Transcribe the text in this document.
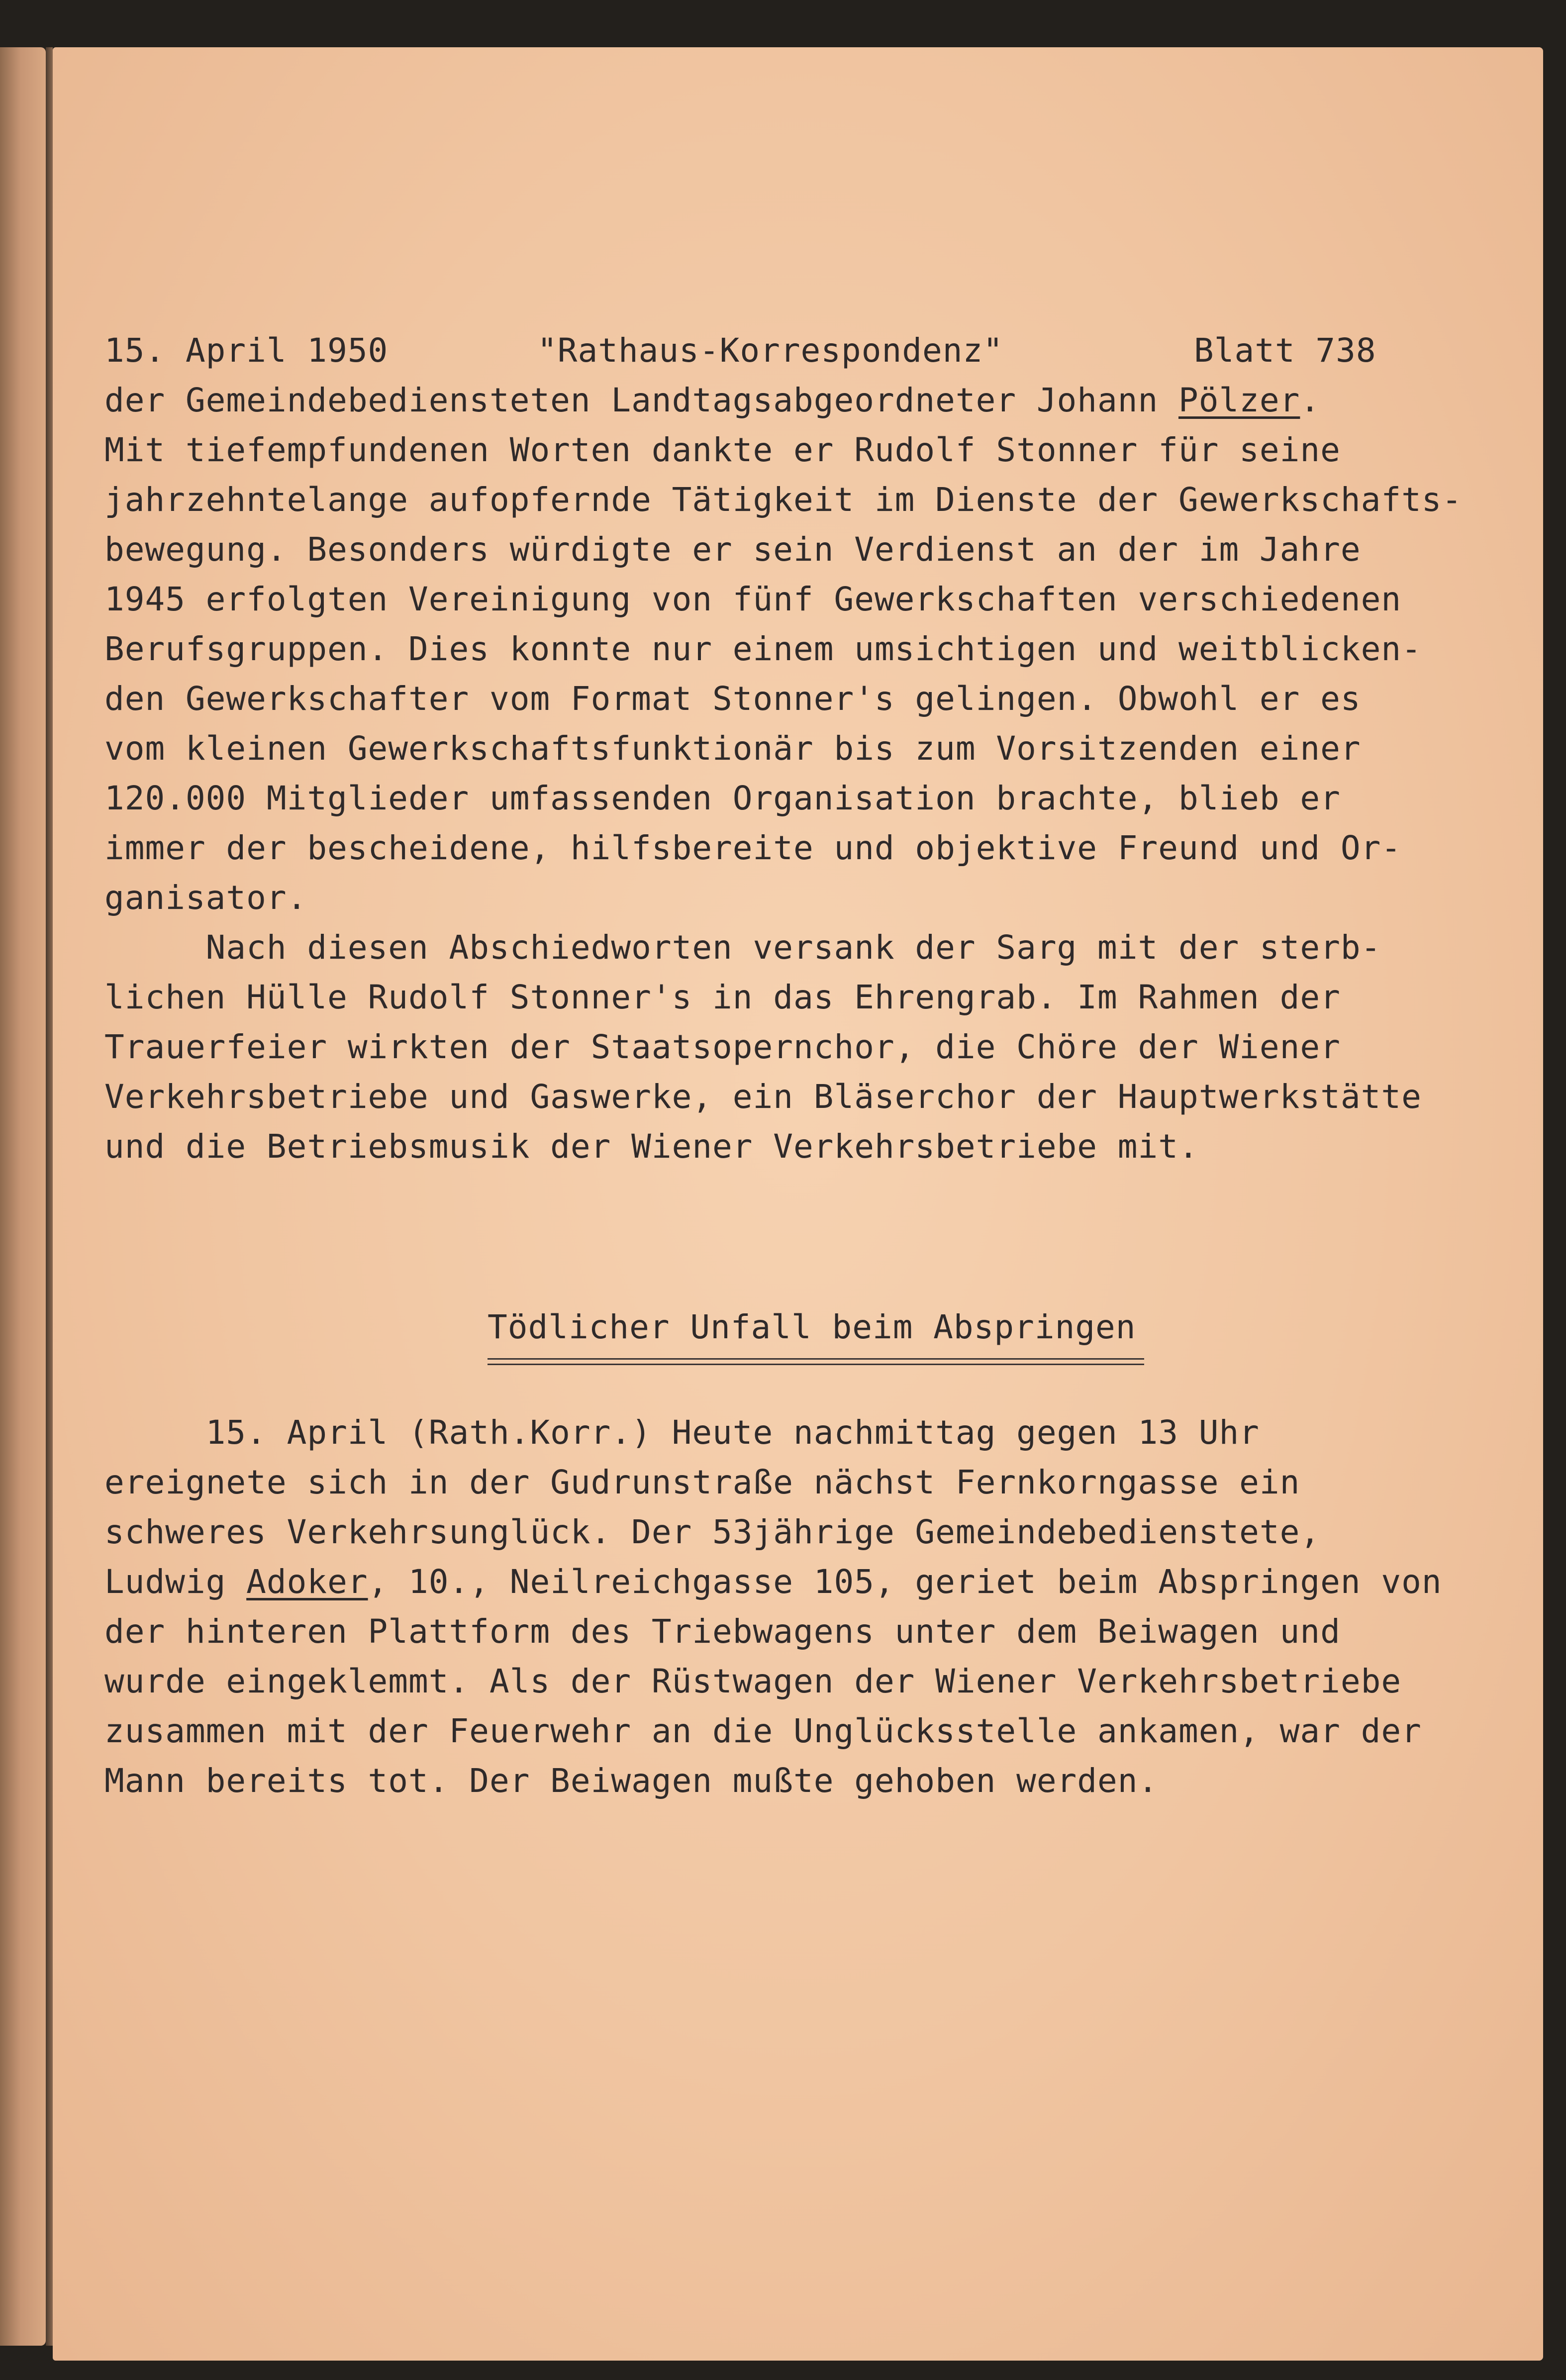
15. April 1950	"Rathaus-Korrespondenz"	Blatt 738
der Gemeindebediensteten Landtagsabgeordneter Johann Pölzer.
Mit tiefempfundenen Worten dankte er Rudolf Stonner für seine
jahrzehntelange aufopfernde Tätigkeit im Dienste der Gewerkschafts-
bewegung. Besonders würdigte er sein Verdienst an der im Jahre
1945 erfolgten Vereinigung von fünf Gewerkschaften verschiedenen
Berufsgruppen. Dies konnte nur einem umsichtigen und weitblicken-
den Gewerkschafter vom Format Stonner's gelingen. Obwohl er es
vom kleinen Gewerkschaftsfunktionär bis zum Vorsitzenden einer
120.000 Mitglieder umfassenden Organisation brachte, blieb er
immer der bescheidene, hilfsbereite und objektive Freund und Or-
ganisator.
Nach diesen Abschiedworten versank der Sarg mit der sterb-
lichen Hülle Rudolf Stonner's in das Ehrengrab. Im Rahmen der
Trauerfeier wirkten der Staatsopernchor, die Chöre der Wiener
Verkehrsbetriebe und Gaswerke, ein Bläserchor der Hauptwerkstätte
und die Betriebsmusik der Wiener Verkehrsbetriebe mit.
Tödlicher Unfall beim Abspringen
15. April (Rath.Korr.) Heute nachmittag gegen 13 Uhr
ereignete sich in der Gudrunstraße nächst Fernkorngasse ein
schweres Verkehrsunglück. Der 53jährige Gemeindebedienstete,
Ludwig Adoker, 10., Neilreichgasse 105, geriet beim Abspringen von
der hinteren Plattform des Triebwagens unter dem Beiwagen und
wurde eingeklemmt. Als der Rüstwagen der Wiener Verkehrsbetriebe
zusammen mit der Feuerwehr an die Unglücksstelle ankamen, war der
Mann bereits tot. Der Beiwagen mußte gehoben werden.
